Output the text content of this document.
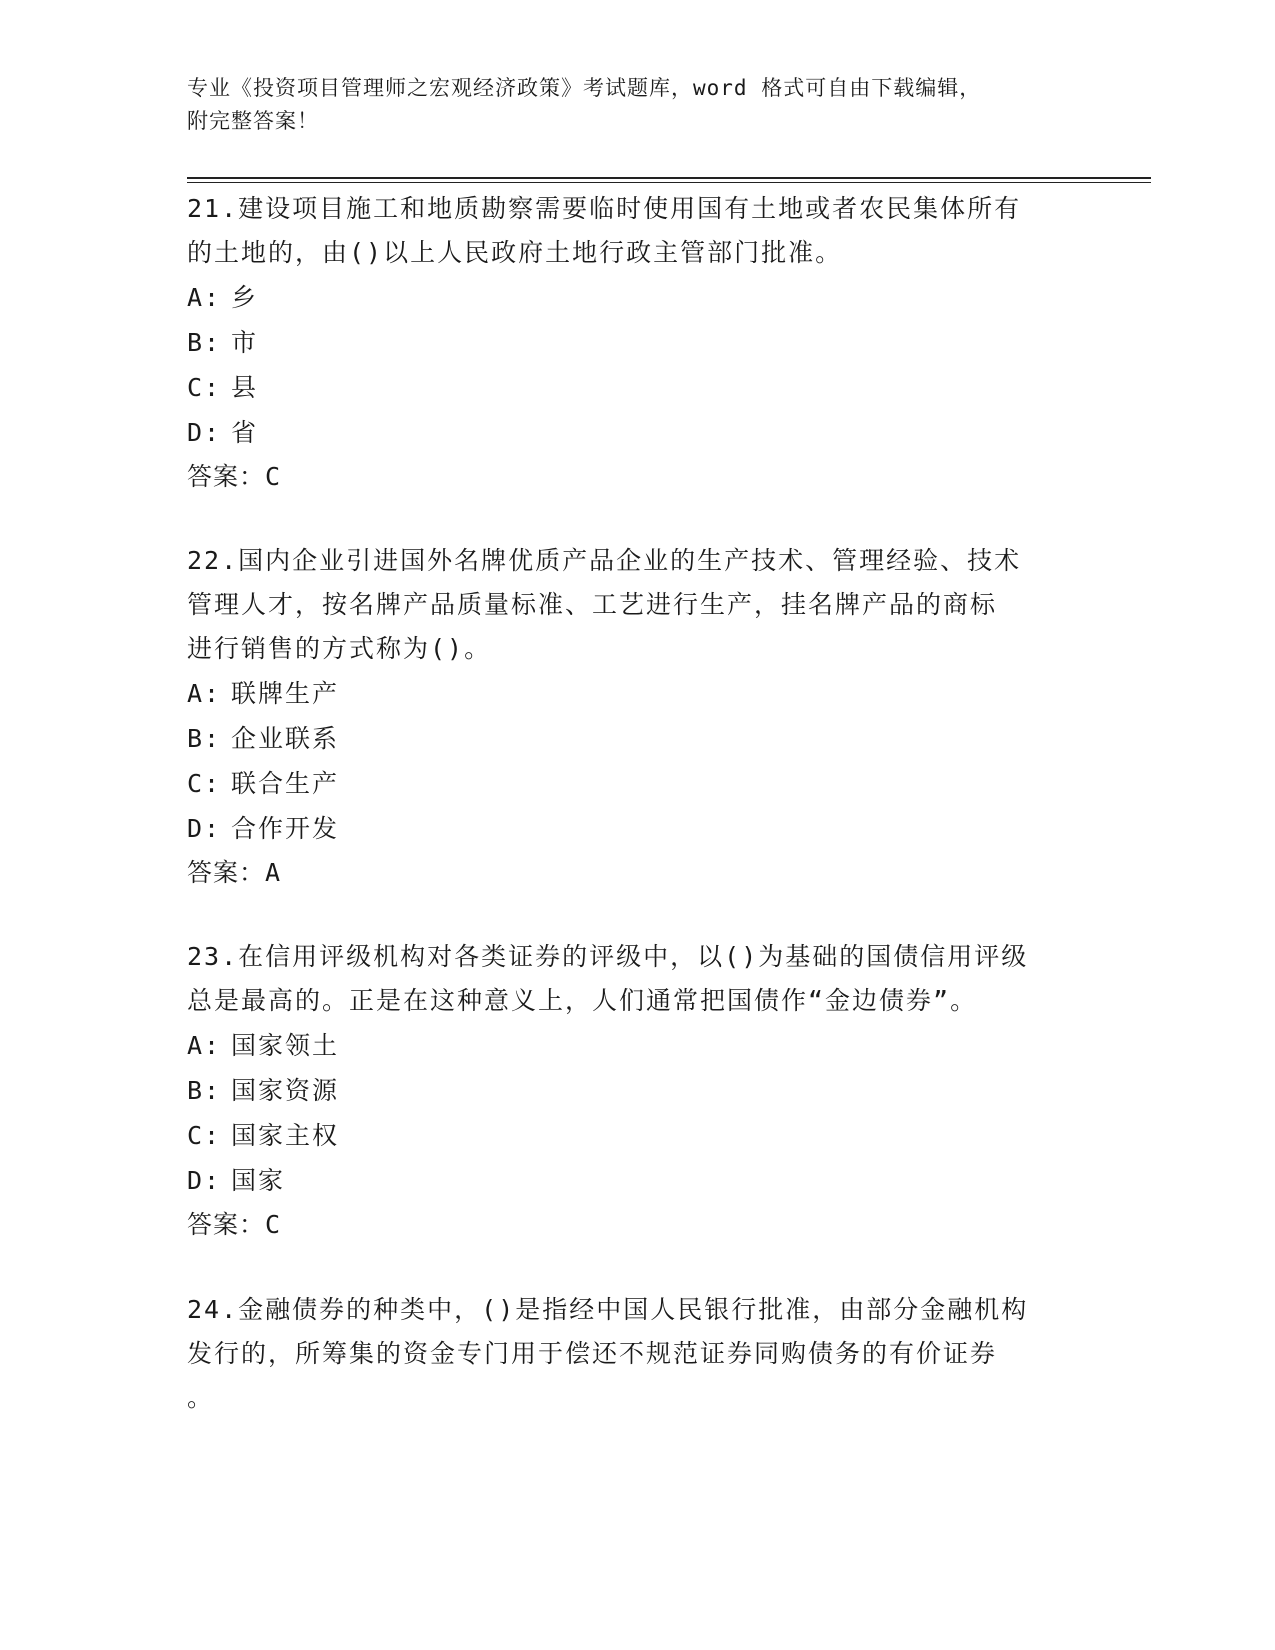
专业《投资项目管理师之宏观经济政策》考试题库，word 格式可自由下载编辑，
附完整答案！
21.建设项目施工和地质勘察需要临时使用国有土地或者农民集体所有
的土地的，由()以上人民政府土地行政主管部门批准。
A: 乡
B: 市
C: 县
D: 省
答案：C
22.国内企业引进国外名牌优质产品企业的生产技术、管理经验、技术
管理人才，按名牌产品质量标准、工艺进行生产，挂名牌产品的商标
进行销售的方式称为()。
A: 联牌生产
B: 企业联系
C: 联合生产
D: 合作开发
答案：A
23.在信用评级机构对各类证券的评级中，以()为基础的国债信用评级
总是最高的。正是在这种意义上，人们通常把国债作“金边债券”。
A: 国家领土
B: 国家资源
C: 国家主权
D: 国家
答案：C
24.金融债券的种类中，()是指经中国人民银行批准，由部分金融机构
发行的，所筹集的资金专门用于偿还不规范证券同购债务的有价证券
。
